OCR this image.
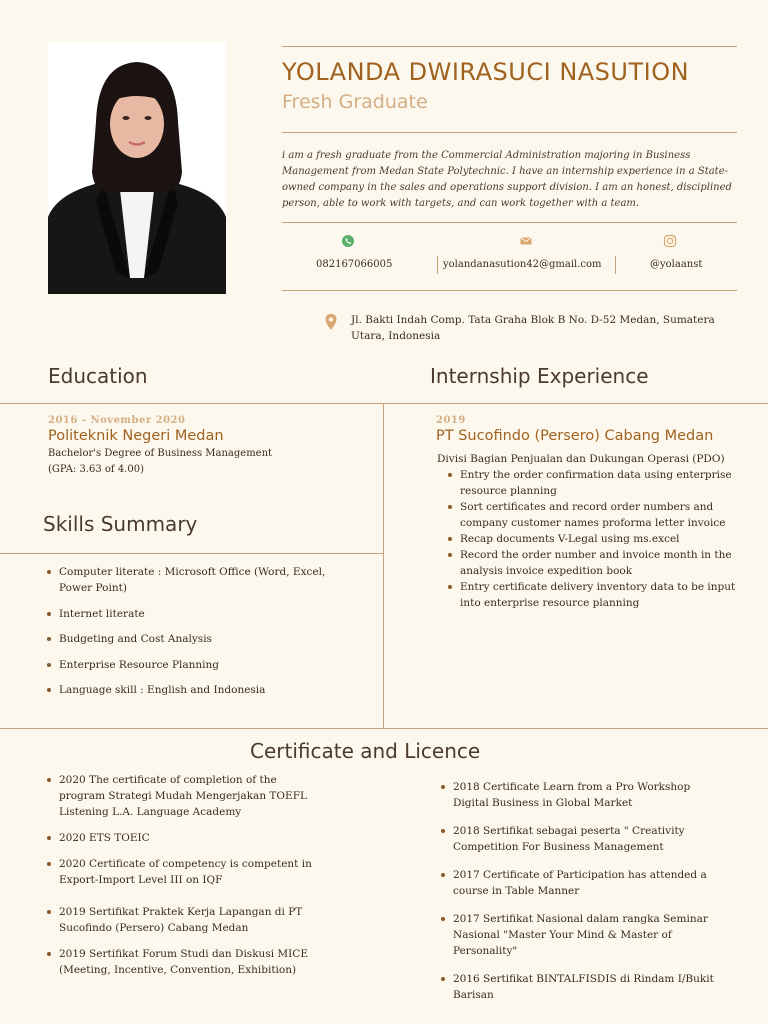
YOLANDA DWIRASUCI NASUTION
Fresh Graduate
i am a fresh graduate from the Commercial Administration majoring in Business Management from Medan State Polytechnic. I have an internship experience in a State-owned company in the sales and operations support division. I am an honest, disciplined person, able to work with targets, and can work together with a team.
082167066005	yolandanasution42@gmail.com	@yolaanst
Jl. Bakti Indah Comp. Tata Graha Blok B No. D-52 Medan, Sumatera Utara, Indonesia
Education	Internship Experience
2016 - November 2020
Politeknik Negeri Medan
Bachelor's Degree of Business Management
(GPA: 3.63 of 4.00)
Skills Summary
Computer literate : Microsoft Office (Word, Excel, Power Point)
Internet literate
Budgeting and Cost Analysis
Enterprise Resource Planning
Language skill : English and Indonesia
2019
PT Sucofindo (Persero) Cabang Medan
Divisi Bagian Penjualan dan Dukungan Operasi (PDO)
Entry the order confirmation data using enterprise resource planning
Sort certificates and record order numbers and company customer names proforma letter invoice
Recap documents V-Legal using ms.excel
Record the order number and invoice month in the analysis invoice expedition book
Entry certificate delivery inventory data to be input into enterprise resource planning
Certificate and Licence
2020 The certificate of completion of the program Strategi Mudah Mengerjakan TOEFL Listening L.A. Language Academy
2020 ETS TOEIC
2020 Certificate of competency is competent in Export-Import Level III on IQF
2019 Sertifikat Praktek Kerja Lapangan di PT Sucofindo (Persero) Cabang Medan
2019 Sertifikat Forum Studi dan Diskusi MICE (Meeting, Incentive, Convention, Exhibition)
2018 Certificate Learn from a Pro Workshop Digital Business in Global Market
2018 Sertifikat sebagai peserta " Creativity Competition For Business Management
2017 Certificate of Participation has attended a course in Table Manner
2017 Sertifikat Nasional dalam rangka Seminar Nasional "Master Your Mind & Master of Personality"
2016 Sertifikat BINTALFISDIS di Rindam I/Bukit Barisan
